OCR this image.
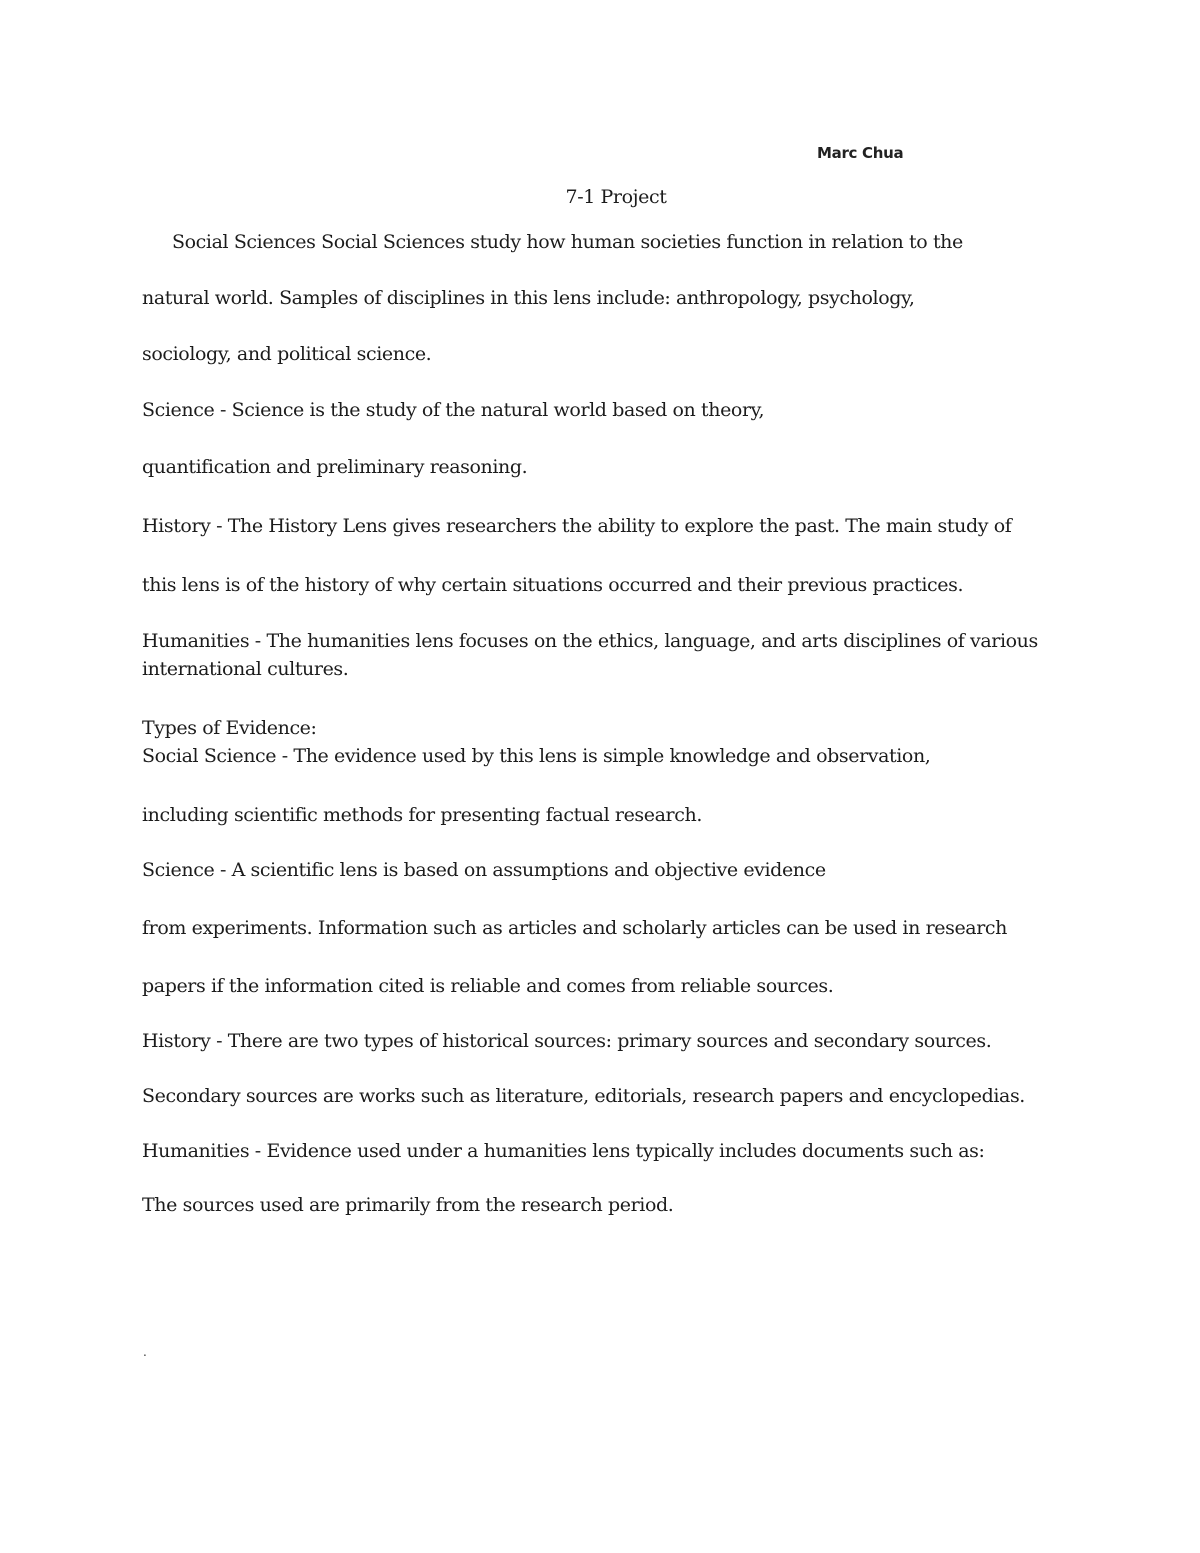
Marc Chua
7-1 Project
Social Sciences Social Sciences study how human societies function in relation to the
natural world. Samples of disciplines in this lens include: anthropology, psychology,
sociology, and political science.
Science - Science is the study of the natural world based on theory,
quantification and preliminary reasoning.
History - The History Lens gives researchers the ability to explore the past. The main study of
this lens is of the history of why certain situations occurred and their previous practices.
Humanities - The humanities lens focuses on the ethics, language, and arts disciplines of various
international cultures.
Types of Evidence:
Social Science - The evidence used by this lens is simple knowledge and observation,
including scientific methods for presenting factual research.
Science - A scientific lens is based on assumptions and objective evidence
from experiments. Information such as articles and scholarly articles can be used in research
papers if the information cited is reliable and comes from reliable sources.
History - There are two types of historical sources: primary sources and secondary sources.
Secondary sources are works such as literature, editorials, research papers and encyclopedias.
Humanities - Evidence used under a humanities lens typically includes documents such as:
The sources used are primarily from the research period.
.
